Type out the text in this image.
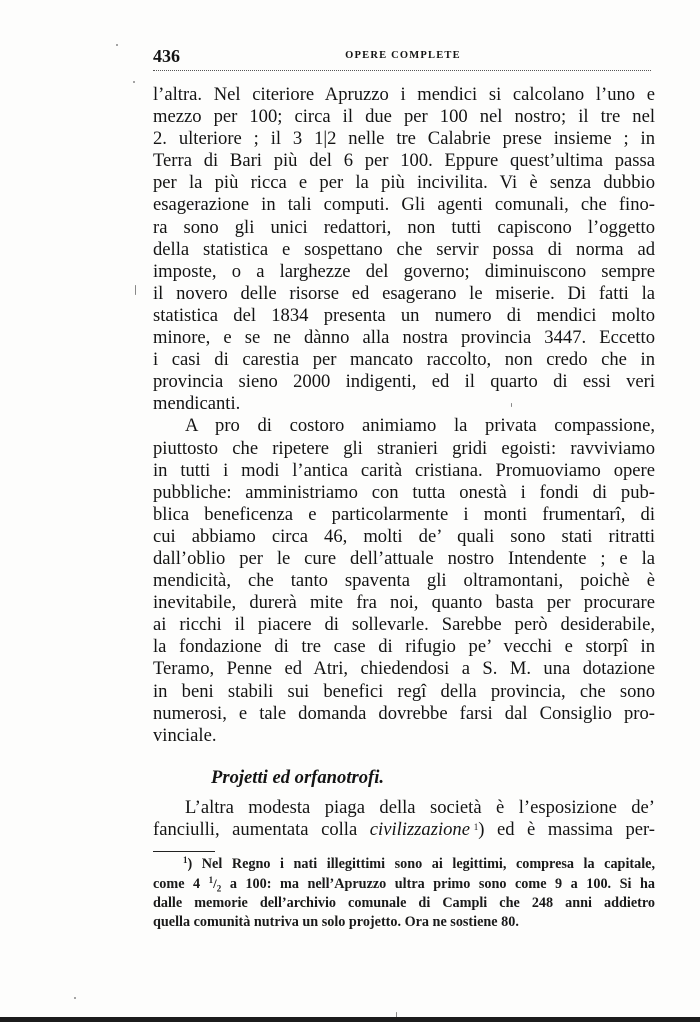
436	OPERE COMPLETE
l’altra. Nel citeriore Apruzzo i mendici si calcolano l’uno e
mezzo per 100; circa il due per 100 nel nostro; il tre nel
2. ulteriore ; il 3 1|2 nelle tre Calabrie prese insieme ; in
Terra di Bari più del 6 per 100. Eppure quest’ultima passa
per la più ricca e per la più incivilita. Vi è senza dubbio
esagerazione in tali computi. Gli agenti comunali, che fino-
ra sono gli unici redattori, non tutti capiscono l’oggetto
della statistica e sospettano che servir possa di norma ad
imposte, o a larghezze del governo; diminuiscono sempre
il novero delle risorse ed esagerano le miserie. Di fatti la
statistica del 1834 presenta un numero di mendici molto
minore, e se ne dànno alla nostra provincia 3447. Eccetto
i casi di carestia per mancato raccolto, non credo che in
provincia sieno 2000 indigenti, ed il quarto di essi veri
mendicanti.
A pro di costoro animiamo la privata compassione,
piuttosto che ripetere gli stranieri gridi egoisti: ravviviamo
in tutti i modi l’antica carità cristiana. Promuoviamo opere
pubbliche: amministriamo con tutta onestà i fondi di pub-
blica beneficenza e particolarmente i monti frumentarî, di
cui abbiamo circa 46, molti de’ quali sono stati ritratti
dall’oblio per le cure dell’attuale nostro Intendente ; e la
mendicità, che tanto spaventa gli oltramontani, poichè è
inevitabile, durerà mite fra noi, quanto basta per procurare
ai ricchi il piacere di sollevarle. Sarebbe però desiderabile,
la fondazione di tre case di rifugio pe’ vecchi e storpî in
Teramo, Penne ed Atri, chiedendosi a S. M. una dotazione
in beni stabili sui benefici regî della provincia, che sono
numerosi, e tale domanda dovrebbe farsi dal Consiglio pro-
vinciale.
Projetti ed orfanotrofi.
L’altra modesta piaga della società è l’esposizione de’
fanciulli, aumentata colla civilizzazione  $^1$) ed è massima per-
$^1$) Nel Regno i nati illegittimi sono ai legittimi, compresa la capitale,
come 4 $^1/_2$ a 100: ma nell’Apruzzo ultra primo sono come 9 a 100. Si ha
dalle memorie dell’archivio comunale di Campli che 248 anni addietro
quella comunità nutriva un solo projetto. Ora ne sostiene 80.
